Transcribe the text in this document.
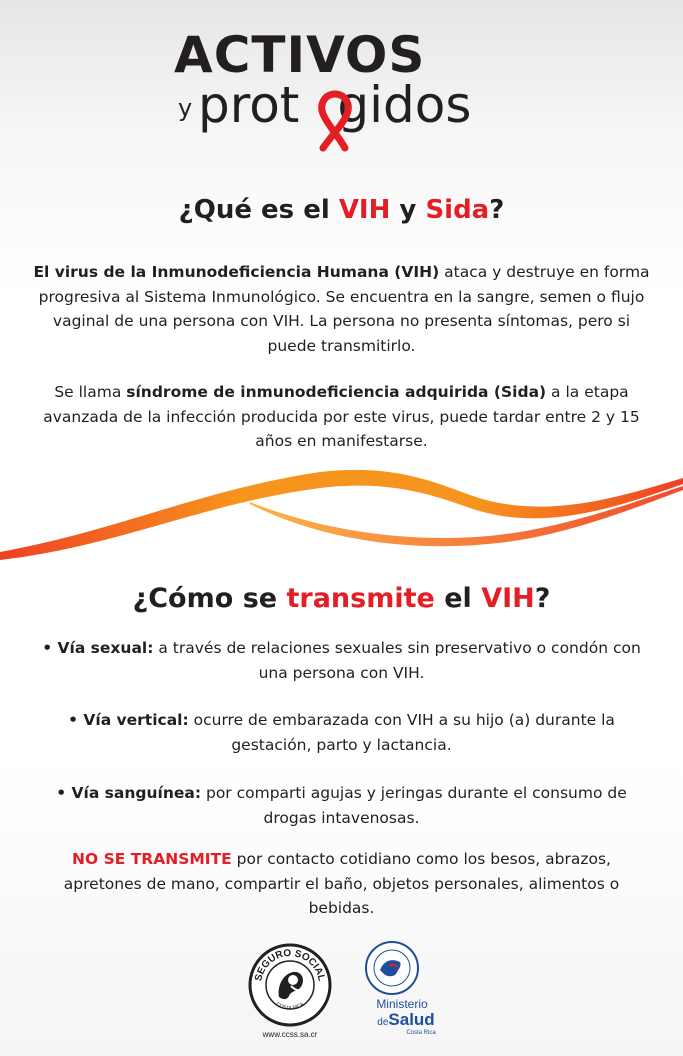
ACTIVOS
y prot gidos
¿Qué es el VIH y Sida?

El virus de la Inmunodeficiencia Humana (VIH) ataca y destruye en forma progresiva al Sistema Inmunológico. Se encuentra en la sangre, semen o flujo vaginal de una persona con VIH. La persona no presenta síntomas, pero si puede transmitirlo.

Se llama síndrome de inmunodeficiencia adquirida (Sida) a la etapa avanzada de la infección producida por este virus, puede tardar entre 2 y 15 años en manifestarse.

¿Cómo se transmite el VIH?

• Vía sexual: a través de relaciones sexuales sin preservativo o condón con una persona con VIH.

• Vía vertical: ocurre de embarazada con VIH a su hijo (a) durante la gestación, parto y lactancia.

• Vía sanguínea: por comparti agujas y jeringas durante el consumo de drogas intavenosas.

NO SE TRANSMITE por contacto cotidiano como los besos, abrazos, apretones de mano, compartir el baño, objetos personales, alimentos o bebidas.

SEGURO SOCIAL
COSTA RICA
www.ccss.sa.cr
Ministerio
deSalud
Costa Rica
